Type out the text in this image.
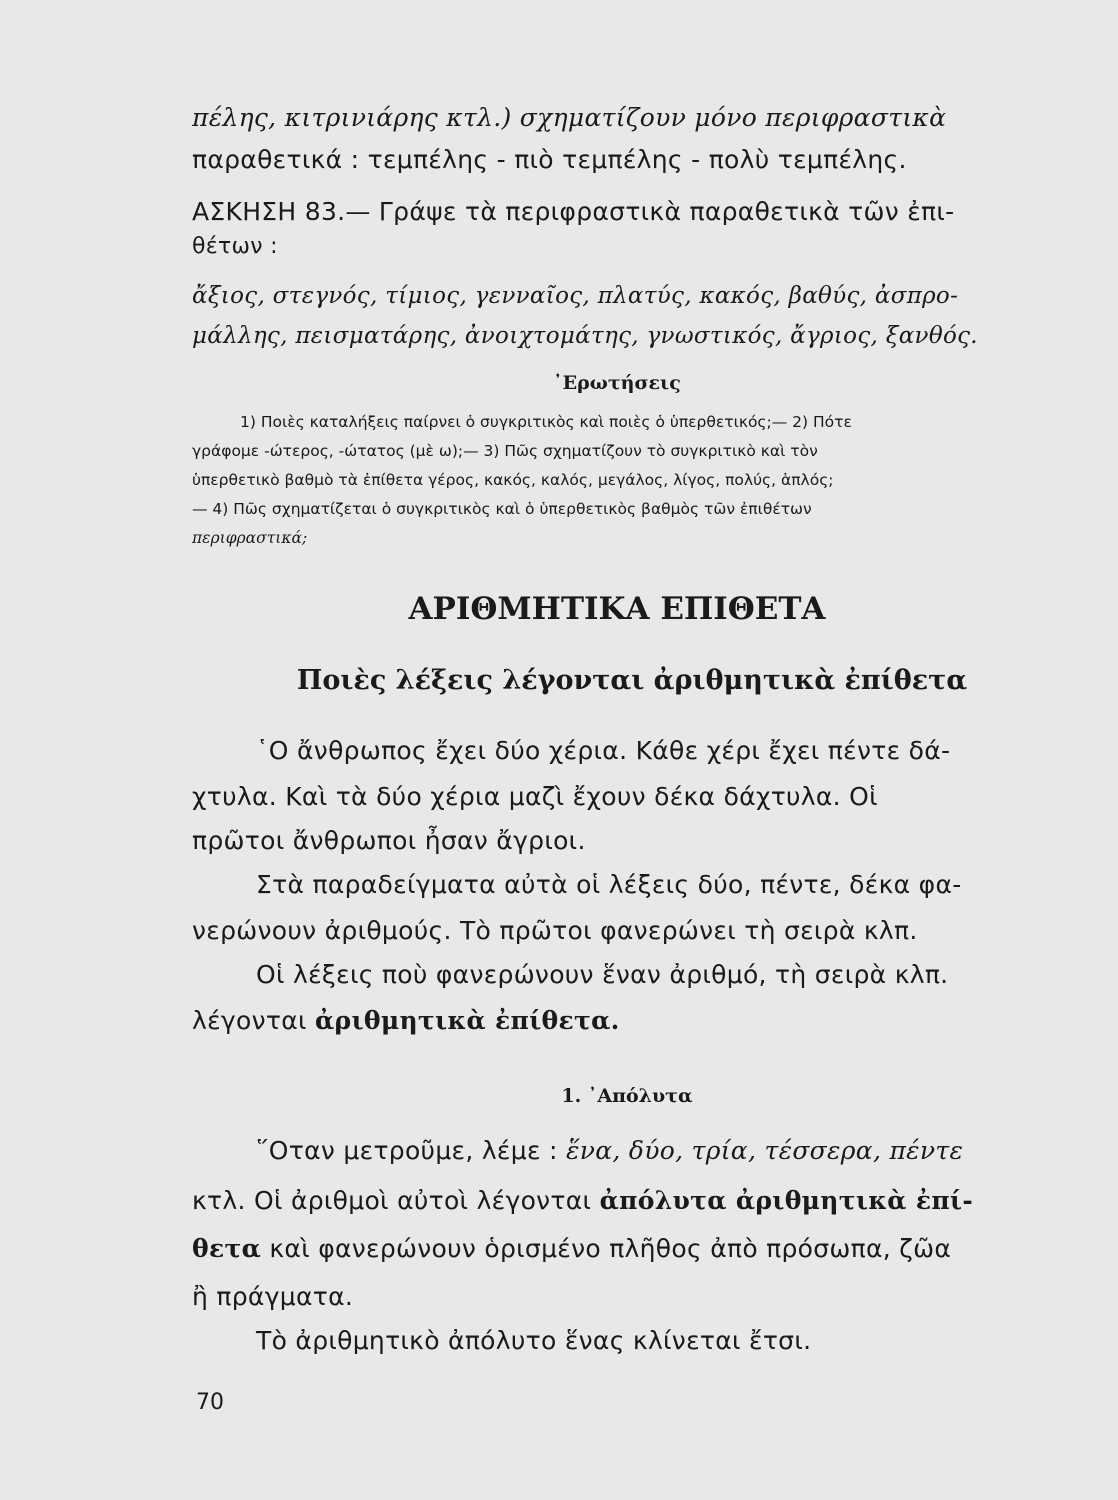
πέλης, κιτρινιάρης κτλ.) σχηματίζουν μόνο περιφραστικὰ
παραθετικά : τεμπέλης - πιὸ τεμπέλης - πολὺ τεμπέλης.
ΑΣΚΗΣΗ 83.— Γράψε τὰ περιφραστικὰ παραθετικὰ τῶν ἐπι-
θέτων :
ἄξιος, στεγνός, τίμιος, γενναῖος, πλατύς, κακός, βαθύς, ἀσπρο-
μάλλης, πεισματάρης, ἀνοιχτομάτης, γνωστικός, ἄγριος, ξανθός.
᾿Ερωτήσεις
1) Ποιὲς καταλήξεις παίρνει ὁ συγκριτικὸς καὶ ποιὲς ὁ ὑπερθετικός;— 2) Πότε
γράφομε -ώτερος, -ώτατος (μὲ ω);— 3) Πῶς σχηματίζουν τὸ συγκριτικὸ καὶ τὸν
ὑπερθετικὸ βαθμὸ τὰ ἐπίθετα γέρος, κακός, καλός, μεγάλος, λίγος, πολύς, ἁπλός;
— 4) Πῶς σχηματίζεται ὁ συγκριτικὸς καὶ ὁ ὑπερθετικὸς βαθμὸς τῶν ἐπιθέτων
περιφραστικά;
ΑΡΙΘΜΗΤΙΚΑ ΕΠΙΘΕΤΑ
Ποιὲς λέξεις λέγονται ἀριθμητικὰ ἐπίθετα
῾Ο ἄνθρωπος ἔχει δύο χέρια. Κάθε χέρι ἔχει πέντε δά-
χτυλα. Καὶ τὰ δύο χέρια μαζὶ ἔχουν δέκα δάχτυλα. Οἱ
πρῶτοι ἄνθρωποι ἦσαν ἄγριοι.
Στὰ παραδείγματα αὐτὰ οἱ λέξεις δύο, πέντε, δέκα φα-
νερώνουν ἀριθμούς. Τὸ πρῶτοι φανερώνει τὴ σειρὰ κλπ.
Οἱ λέξεις ποὺ φανερώνουν ἕναν ἀριθμό, τὴ σειρὰ κλπ.
λέγονται ἀριθμητικὰ ἐπίθετα.
1. ᾿Απόλυτα
῞Οταν μετροῦμε, λέμε : ἕνα, δύο, τρία, τέσσερα, πέντε
κτλ. Οἱ ἀριθμοὶ αὐτοὶ λέγονται ἀπόλυτα ἀριθμητικὰ ἐπί-
θετα καὶ φανερώνουν ὁρισμένο πλῆθος ἀπὸ πρόσωπα, ζῶα
ἢ πράγματα.
Τὸ ἀριθμητικὸ ἀπόλυτο ἕνας κλίνεται ἔτσι.
70
